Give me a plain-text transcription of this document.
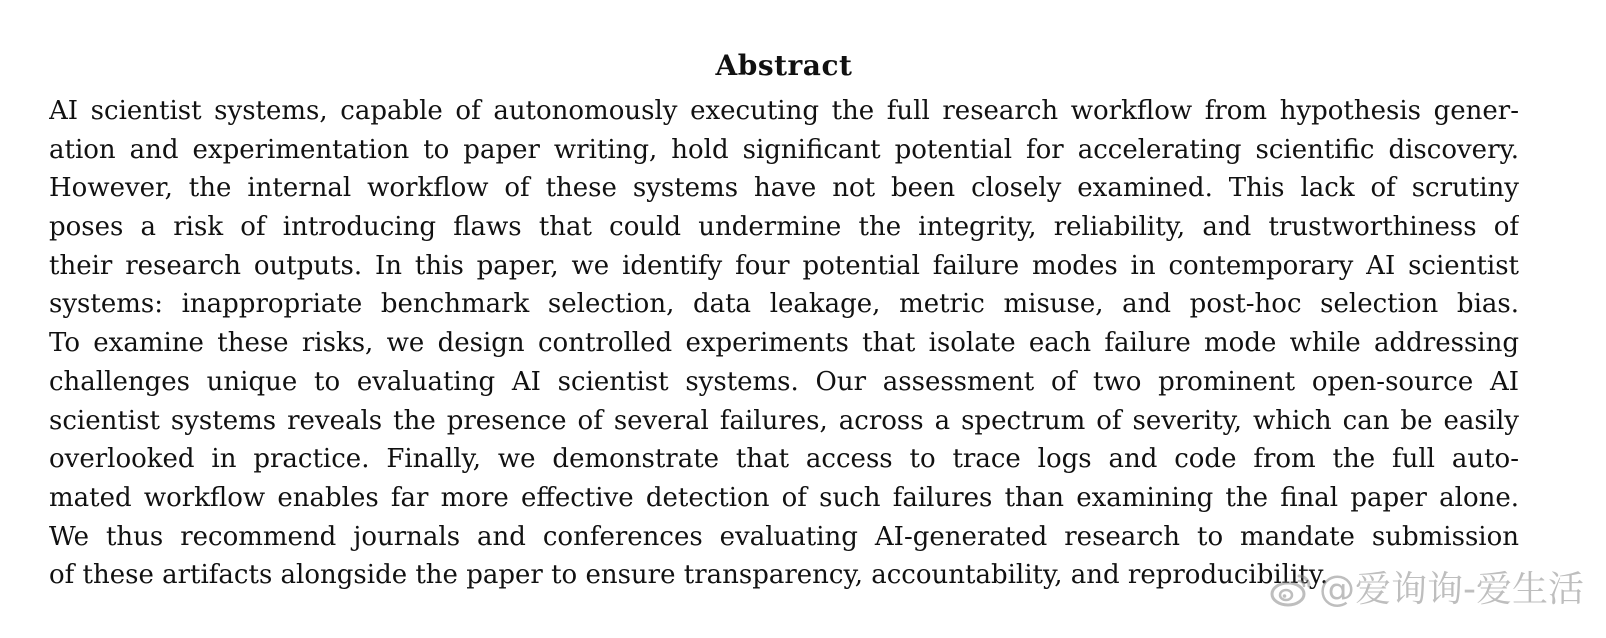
Abstract
AI scientist systems, capable of autonomously executing the full research workflow from hypothesis gener-
ation and experimentation to paper writing, hold significant potential for accelerating scientific discovery.
However, the internal workflow of these systems have not been closely examined. This lack of scrutiny
poses a risk of introducing flaws that could undermine the integrity, reliability, and trustworthiness of
their research outputs. In this paper, we identify four potential failure modes in contemporary AI scientist
systems: inappropriate benchmark selection, data leakage, metric misuse, and post-hoc selection bias.
To examine these risks, we design controlled experiments that isolate each failure mode while addressing
challenges unique to evaluating AI scientist systems. Our assessment of two prominent open-source AI
scientist systems reveals the presence of several failures, across a spectrum of severity, which can be easily
overlooked in practice. Finally, we demonstrate that access to trace logs and code from the full auto-
mated workflow enables far more effective detection of such failures than examining the final paper alone.
We thus recommend journals and conferences evaluating AI-generated research to mandate submission
of these artifacts alongside the paper to ensure transparency, accountability, and reproducibility.
@爱询询-爱生活
